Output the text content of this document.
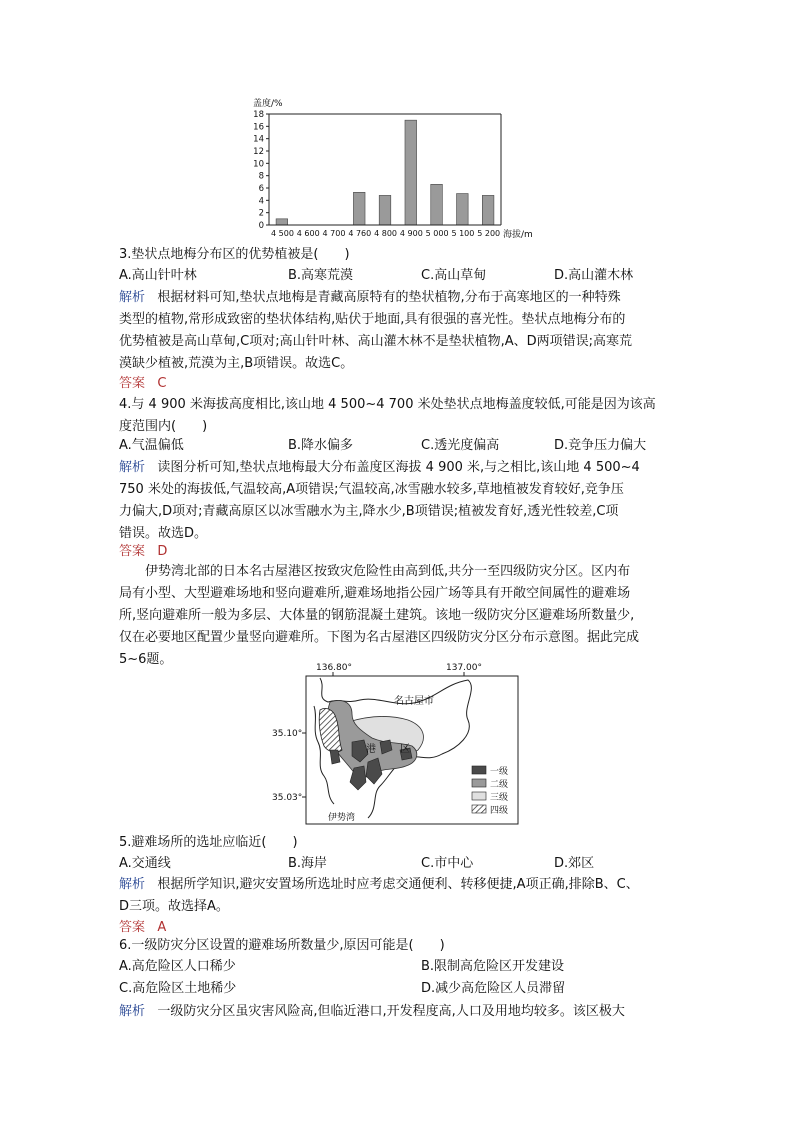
盖度/%
0
2
4
6
8
10
12
14
16
18
4 500 4 600 4 700 4 760 4 800 4 900 5 000 5 100 5 200 海拔/m
3.垫状点地梅分布区的优势植被是(　　)
A.高山针叶林	B.高寒荒漠	C.高山草甸	D.高山灌木林
解析 根据材料可知,垫状点地梅是青藏高原特有的垫状植物,分布于高寒地区的一种特殊
类型的植物,常形成致密的垫状体结构,贴伏于地面,具有很强的喜光性。垫状点地梅分布的
优势植被是高山草甸,C项对;高山针叶林、高山灌木林不是垫状植物,A、D两项错误;高寒荒
漠缺少植被,荒漠为主,B项错误。故选C。
答案 C
4.与 4 900 米海拔高度相比,该山地 4 500~4 700 米处垫状点地梅盖度较低,可能是因为该高
度范围内(　　)
A.气温偏低	B.降水偏多	C.透光度偏高	D.竞争压力偏大
解析 读图分析可知,垫状点地梅最大分布盖度区海拔 4 900 米,与之相比,该山地 4 500~4
750 米处的海拔低,气温较高,A项错误;气温较高,冰雪融水较多,草地植被发育较好,竞争压
力偏大,D项对;青藏高原区以冰雪融水为主,降水少,B项错误;植被发育好,透光性较差,C项
错误。故选D。
答案 D
伊势湾北部的日本名古屋港区按致灾危险性由高到低,共分一至四级防灾分区。区内布
局有小型、大型避难场地和竖向避难所,避难场地指公园广场等具有开敞空间属性的避难场
所,竖向避难所一般为多层、大体量的钢筋混凝土建筑。该地一级防灾分区避难场所数量少,
仅在必要地区配置少量竖向避难所。下图为名古屋港区四级防灾分区分布示意图。据此完成
5~6题。
136.80°	137.00°
35.10°
35.03°
名古屋市
港 区
伊势湾
一级
二级
三级
四级
5.避难场所的选址应临近(　　)
A.交通线	B.海岸	C.市中心	D.郊区
解析 根据所学知识,避灾安置场所选址时应考虑交通便利、转移便捷,A项正确,排除B、C、
D三项。故选择A。
答案 A
6.一级防灾分区设置的避难场所数量少,原因可能是(　　)
A.高危险区人口稀少	B.限制高危险区开发建设
C.高危险区土地稀少	D.减少高危险区人员滞留
解析 一级防灾分区虽灾害风险高,但临近港口,开发程度高,人口及用地均较多。该区极大
